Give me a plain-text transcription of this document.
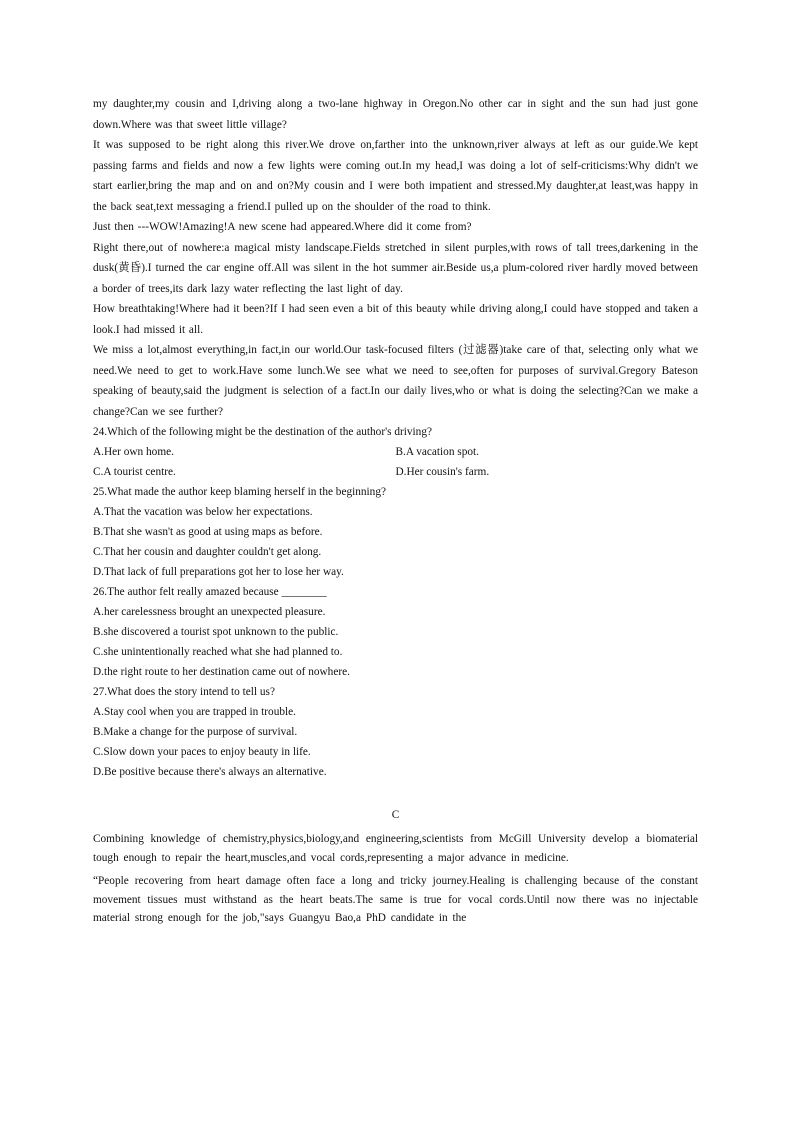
my daughter,my cousin and I,driving along a two-lane highway in Oregon.No other car in sight and the sun had just gone down.Where was that sweet little village?

It was supposed to be right along this river.We drove on,farther into the unknown,river always at left as our guide.We kept passing farms and fields and now a few lights were coming out.In my head,I was doing a lot of self-criticisms:Why didn't we start earlier,bring the map and on and on?My cousin and I were both impatient and stressed.My daughter,at least,was happy in the back seat,text messaging a friend.I pulled up on the shoulder of the road to think.

Just then ---WOW!Amazing!A new scene had appeared.Where did it come from?

Right there,out of nowhere:a magical misty landscape.Fields stretched in silent purples,with rows of tall trees,darkening in the dusk(黄昏).I turned the car engine off.All was silent in the hot summer air.Beside us,a plum-colored river hardly moved between a border of trees,its dark lazy water reflecting the last light of day.

How breathtaking!Where had it been?If I had seen even a bit of this beauty while driving along,I could have stopped and taken a look.I had missed it all.

We miss a lot,almost everything,in fact,in our world.Our task-focused filters (过滤器)take care of that, selecting only what we need.We need to get to work.Have some lunch.We see what we need to see,often for purposes of survival.Gregory Bateson speaking of beauty,said the judgment is selection of a fact.In our daily lives,who or what is doing the selecting?Can we make a change?Can we see further?

24.Which of the following might be the destination of the author's driving?

A.Her own home.	B.A vacation spot.
C.A tourist centre.	D.Her cousin's farm.

25.What made the author keep blaming herself in the beginning?

A.That the vacation was below her expectations.

B.That she wasn't as good at using maps as before.

C.That her cousin and daughter couldn't get along.

D.That lack of full preparations got her to lose her way.

26.The author felt really amazed because ________

A.her carelessness brought an unexpected pleasure.

B.she discovered a tourist spot unknown to the public.

C.she unintentionally reached what she had planned to.

D.the right route to her destination came out of nowhere.

27.What does the story intend to tell us?

A.Stay cool when you are trapped in trouble.

B.Make a change for the purpose of survival.

C.Slow down your paces to enjoy beauty in life.

D.Be positive because there's always an alternative.

C

Combining knowledge of chemistry,physics,biology,and engineering,scientists from McGill University develop a biomaterial tough enough to repair the heart,muscles,and vocal cords,representing a major advance in medicine.

“People recovering from heart damage often face a long and tricky journey.Healing is challenging because of the constant movement tissues must withstand as the heart beats.The same is true for vocal cords.Until now there was no injectable material strong enough for the job,"says Guangyu Bao,a PhD candidate in the
